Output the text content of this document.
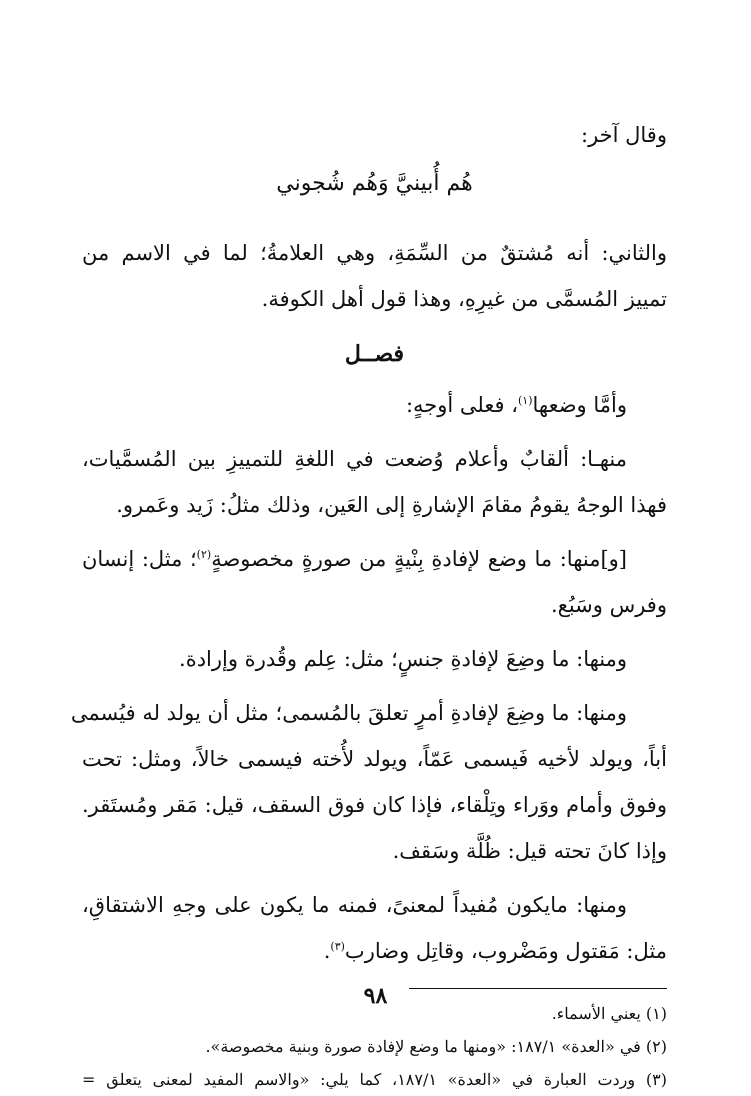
وقال آخر:

هُم أُبينيَّ وَهُم شُجوني

والثاني: أنه مُشتقٌ من السِّمَةِ، وهي العلامةُ؛ لما في الاسم من

تمييز المُسمَّى من غيرِهِ، وهذا قول أهل الكوفة.

فصــل

وأمَّا وضعها$^{(١)}$، فعلى أوجهٍ:

منهـا: ألقابٌ وأعلام وُضعت في اللغةِ للتمييزِ بين المُسمَّيات،

فهذا الوجهُ يقومُ مقامَ الإشارةِ إلى العَين، وذلك مثلُ: زَيد وعَمرو.

[و]منها: ما وضع لإفادةِ بِنْيةٍ من صورةٍ مخصوصةٍ$^{(٢)}$؛ مثل: إنسان

وفرس وسَبُع.

ومنها: ما وضِعَ لإفادةِ جنسٍ؛ مثل: عِلم وقُدرة وإرادة.

ومنها: ما وضِعَ لإفادةِ أمرٍ تعلقَ بالمُسمى؛ مثل أن يولد له فيُسمى

أباً، ويولد لأخيه فَيسمى عَمّاً، ويولد لأُخته فيسمى خالاً، ومثل: تحت

وفوق وأمام ووَراء وتِلْقاء، فإذا كان فوق السقف، قيل: مَقر ومُستَقر.

وإذا كانَ تحته قيل: ظُلَّة وسَقف.

ومنها: مايكون مُفيداً لمعنىً، فمنه ما يكون على وجهِ الاشتقاقِ،

مثل: مَقتول ومَضْروب، وقاتِل وضارب$^{(٣)}$.

(١) يعني الأسماء.

(٢) في «العدة» ١٨٧/١: «ومنها ما وضع لإفادة صورة وبنية مخصوصة».

(٣) وردت العبارة في «العدة» ١٨٧/١، كما يلي: «والاسم المفيد لمعنى يتعلق =

٩٨
